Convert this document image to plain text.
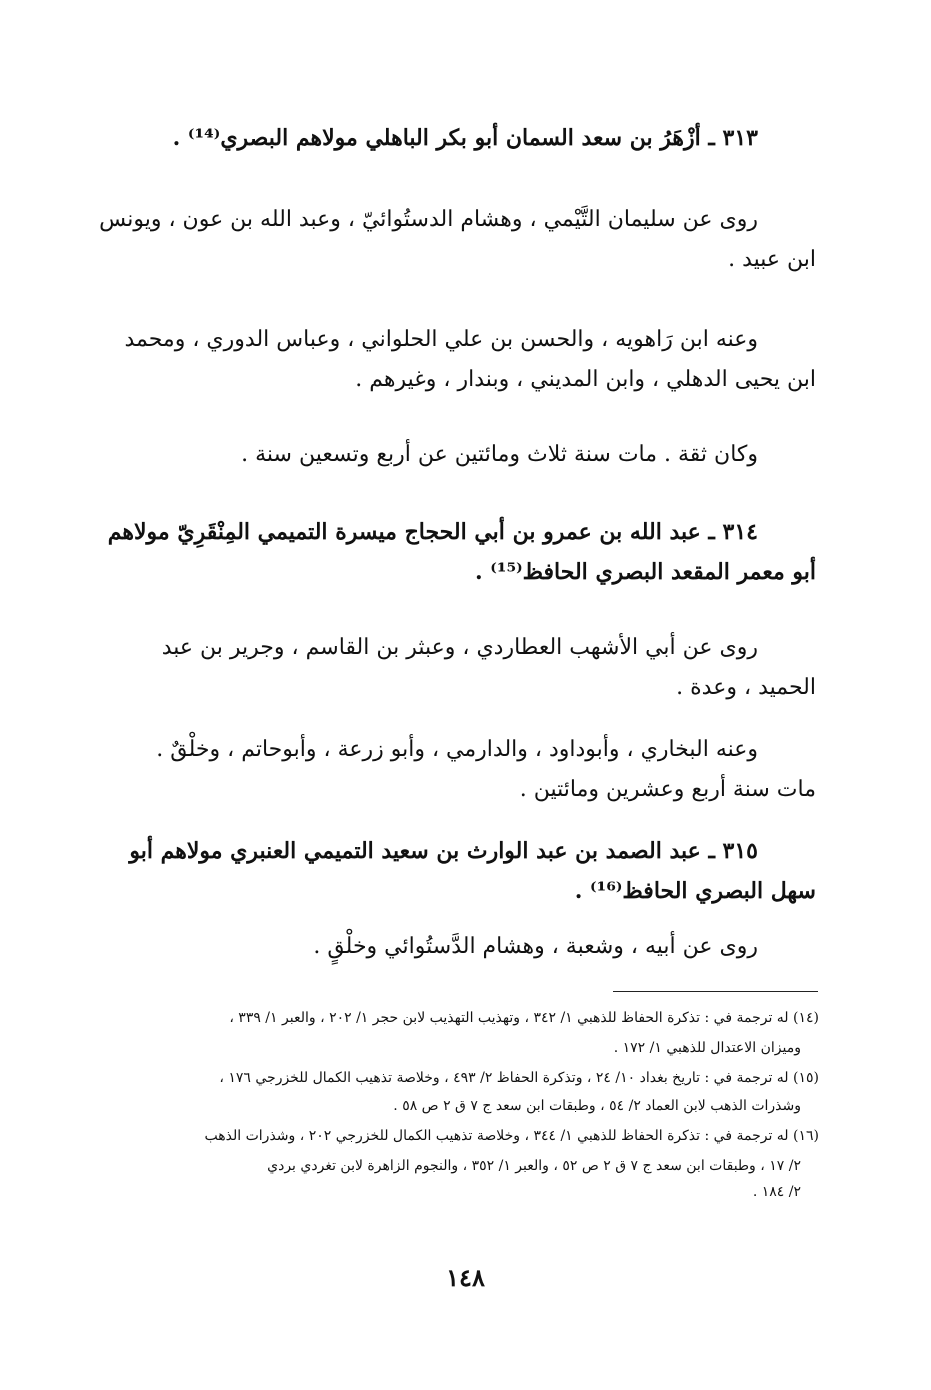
٣١٣ ـ أزْهَرُ بن سعد السمان أبو بكر الباهلي مولاهم البصري⁽¹⁴⁾ .
روى عن سليمان التَّيْمي ، وهشام الدستُوائيّ ، وعبد الله بن عون ، ويونس
ابن عبيد .
وعنه ابن رَاهويه ، والحسن بن علي الحلواني ، وعباس الدوري ، ومحمد
ابن يحيى الدهلي ، وابن المديني ، وبندار ، وغيرهم .
وكان ثقة . مات سنة ثلاث ومائتين عن أربع وتسعين سنة .
٣١٤ ـ عبد الله بن عمرو بن أبي الحجاج ميسرة التميمي المِنْقَرِيّ مولاهم
أبو معمر المقعد البصري الحافظ⁽¹⁵⁾ .
روى عن أبي الأشهب العطاردي ، وعبثر بن القاسم ، وجرير بن عبد
الحميد ، وعدة .
وعنه البخاري ، وأبوداود ، والدارمي ، وأبو زرعة ، وأبوحاتم ، وخلْقٌ .
مات سنة أربع وعشرين ومائتين .
٣١٥ ـ عبد الصمد بن عبد الوارث بن سعيد التميمي العنبري مولاهم أبو
سهل البصري الحافظ⁽¹⁶⁾ .
روى عن أبيه ، وشعبة ، وهشام الدَّستُوائي وخلْقٍ .
(١٤) له ترجمة في : تذكرة الحفاظ للذهبي ١/ ٣٤٢ ، وتهذيب التهذيب لابن حجر ١/ ٢٠٢ ، والعبر ١/ ٣٣٩ ،
وميزان الاعتدال للذهبي ١/ ١٧٢ .
(١٥) له ترجمة في : تاريخ بغداد ١٠/ ٢٤ ، وتذكرة الحفاظ ٢/ ٤٩٣ ، وخلاصة تذهيب الكمال للخزرجي ١٧٦ ،
وشذرات الذهب لابن العماد ٢/ ٥٤ ، وطبقات ابن سعد ج ٧ ق ٢ ص ٥٨ .
(١٦) له ترجمة في : تذكرة الحفاظ للذهبي ١/ ٣٤٤ ، وخلاصة تذهيب الكمال للخزرجي ٢٠٢ ، وشذرات الذهب
٢/ ١٧ ، وطبقات ابن سعد ج ٧ ق ٢ ص ٥٢ ، والعبر ١/ ٣٥٢ ، والنجوم الزاهرة لابن تغردي بردي
٢/ ١٨٤ .
١٤٨
